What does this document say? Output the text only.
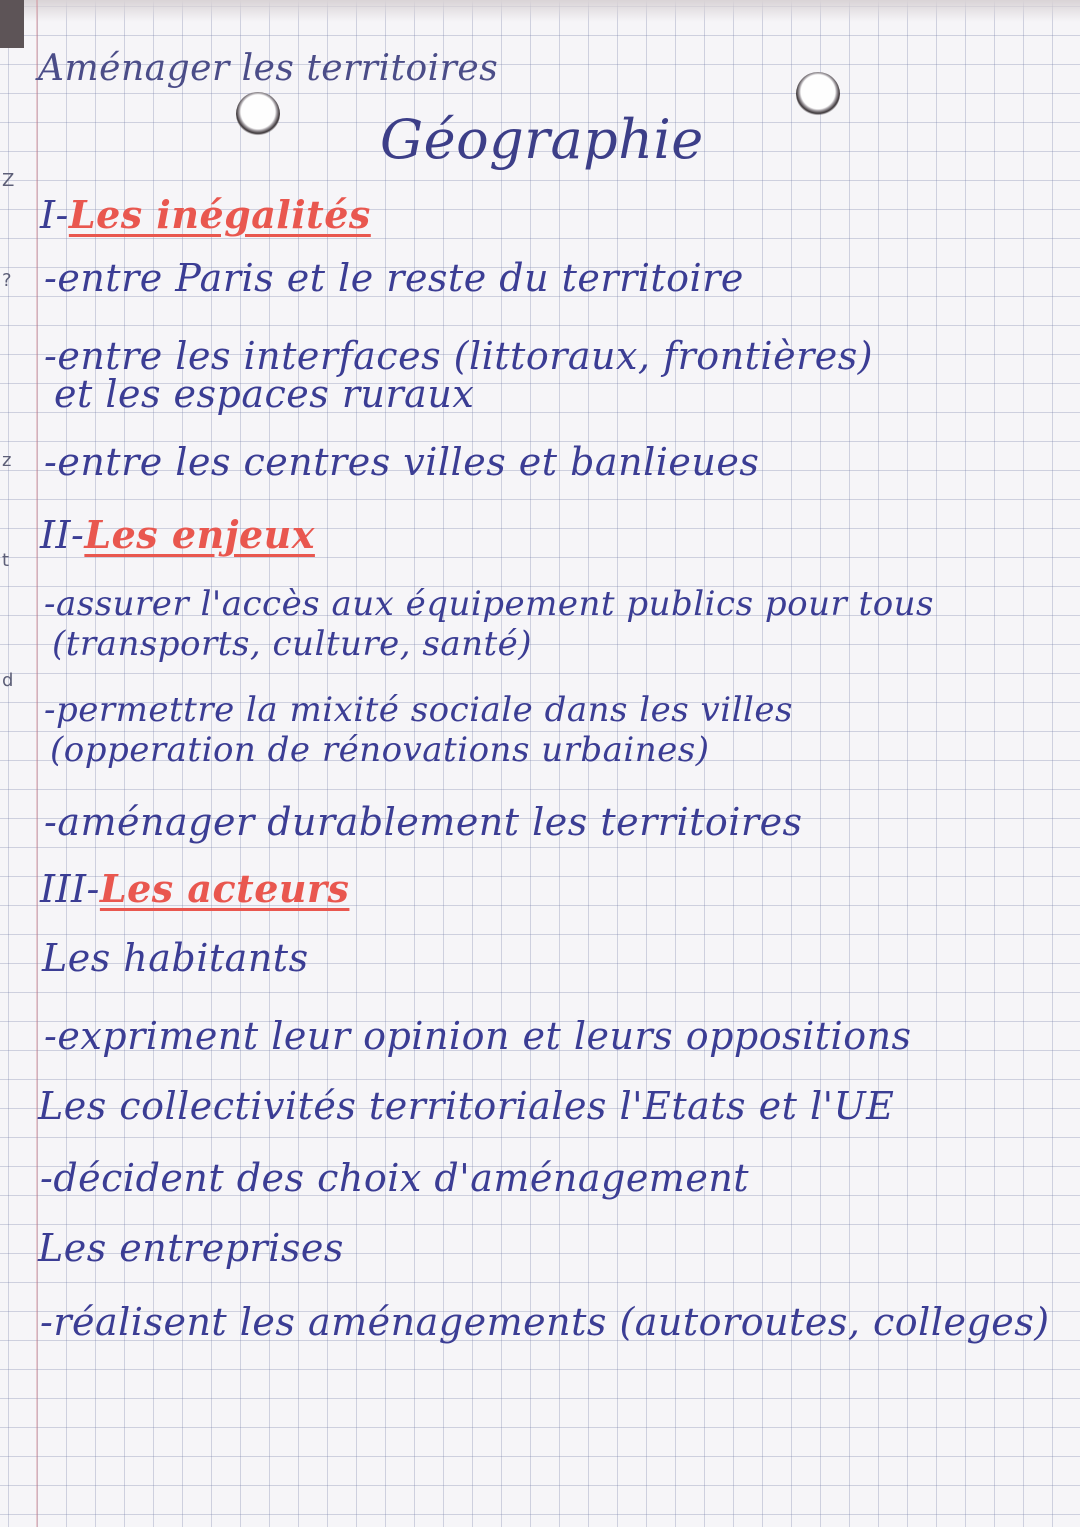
Z
?
z
t
d
Aménager les territoires
Géographie
I-Les inégalités
-entre Paris et le reste du territoire
-entre les interfaces (littoraux, frontières)
et les espaces ruraux
-entre les centres villes et banlieues
II-Les enjeux
-assurer l'accès aux équipement publics pour tous
(transports, culture, santé)
-permettre la mixité sociale dans les villes
(opperation de rénovations urbaines)
-aménager durablement les territoires
III-Les acteurs
Les habitants
-expriment leur opinion et leurs oppositions
Les collectivités territoriales l'Etats et l'UE
-décident des choix d'aménagement
Les entreprises
-réalisent les aménagements (autoroutes, colleges)
